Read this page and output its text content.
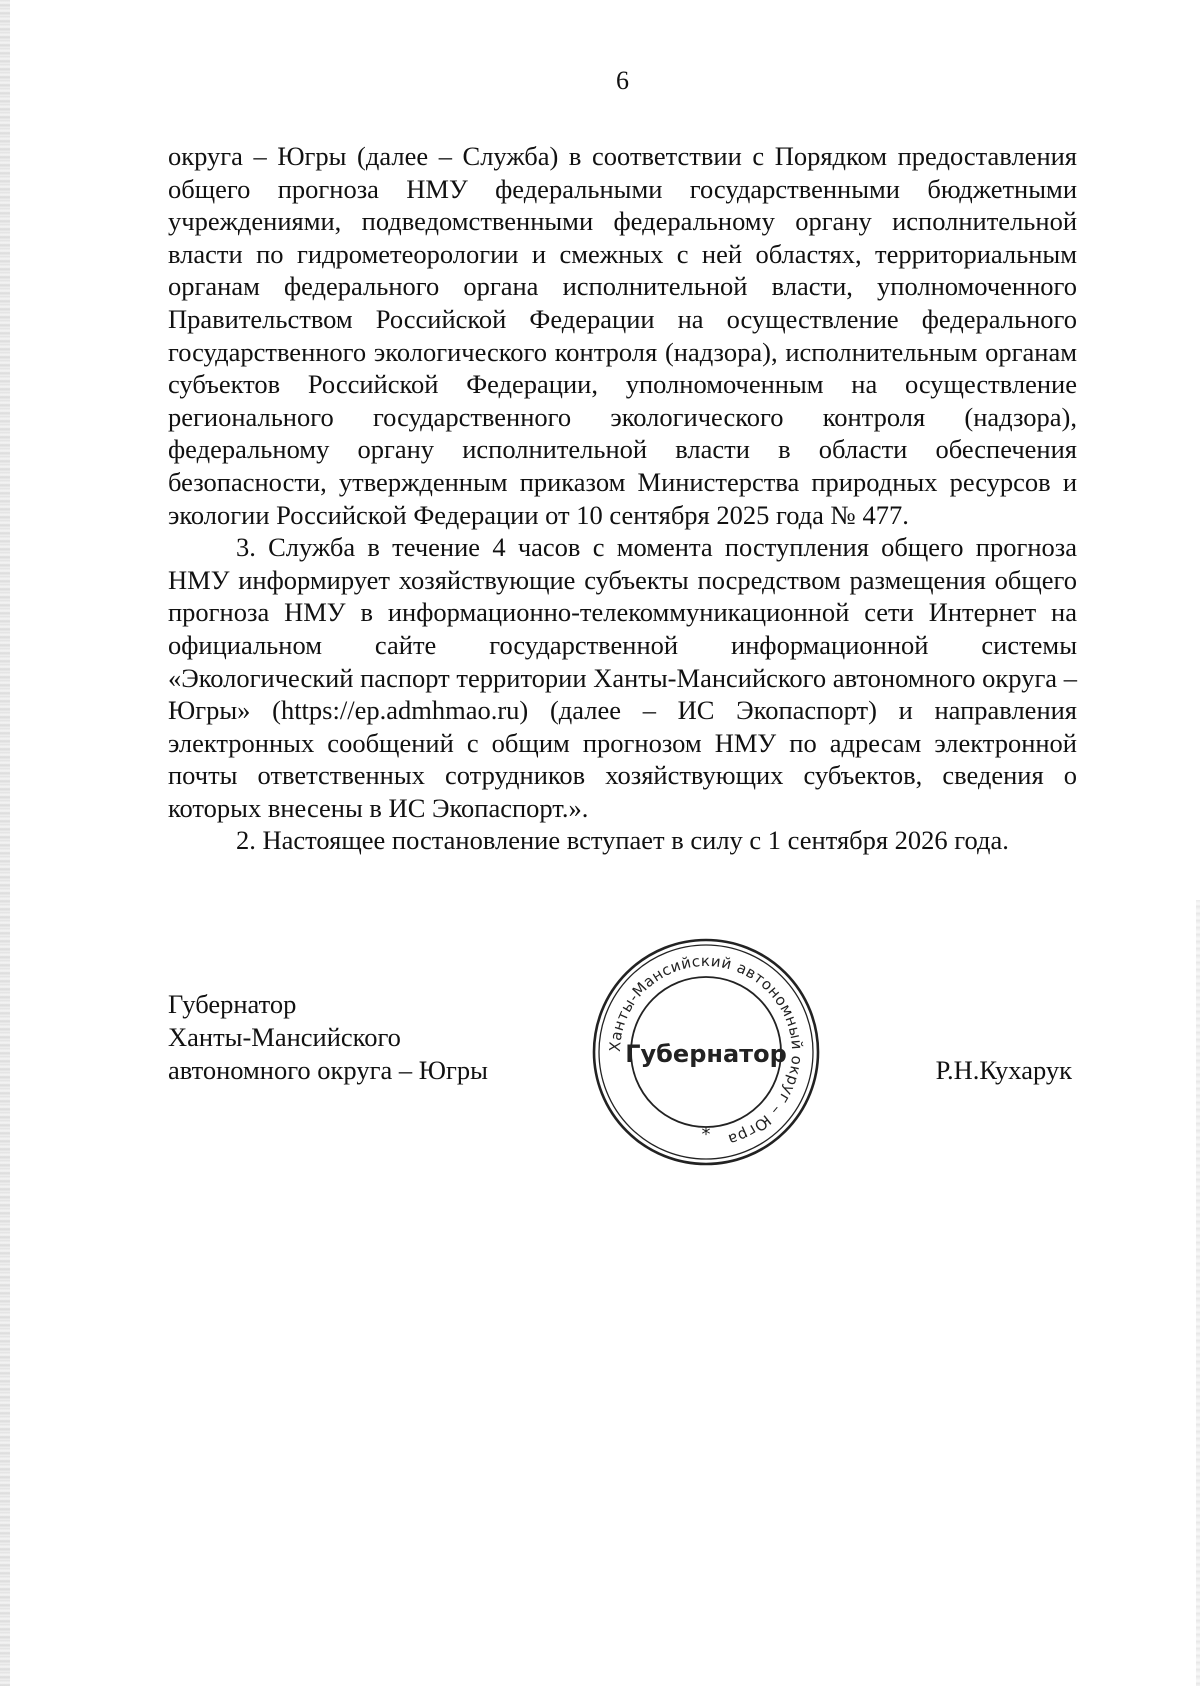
6

округа – Югры (далее – Служба) в соответствии с Порядком предоставления общего прогноза НМУ федеральными государственными бюджетными учреждениями, подведомственными федеральному органу исполнительной власти по гидрометеорологии и смежных с ней областях, территориальным органам федерального органа исполнительной власти, уполномоченного Правительством Российской Федерации на осуществление федерального государственного экологического контроля (надзора), исполнительным органам субъектов Российской Федерации, уполномоченным на осуществление регионального государственного экологического контроля (надзора), федеральному органу исполнительной власти в области обеспечения безопасности, утвержденным приказом Министерства природных ресурсов и экологии Российской Федерации от 10 сентября 2025 года № 477.

3. Служба в течение 4 часов с момента поступления общего прогноза НМУ информирует хозяйствующие субъекты посредством размещения общего прогноза НМУ в информационно-телекоммуникационной сети Интернет на официальном сайте государственной информационной системы «Экологический паспорт территории Ханты-Мансийского автономного округа – Югры» (https://ep.admhmao.ru) (далее – ИС Экопаспорт) и направления электронных сообщений с общим прогнозом НМУ по адресам электронной почты ответственных сотрудников хозяйствующих субъектов, сведения о которых внесены в ИС Экопаспорт.».

2. Настоящее постановление вступает в силу с 1 сентября 2026 года.

Губернатор
Ханты-Мансийского
автономного округа – Югры
Ханты-Мансийский автономный округ – Югра
Губернатор
*
Р.Н.Кухарук
